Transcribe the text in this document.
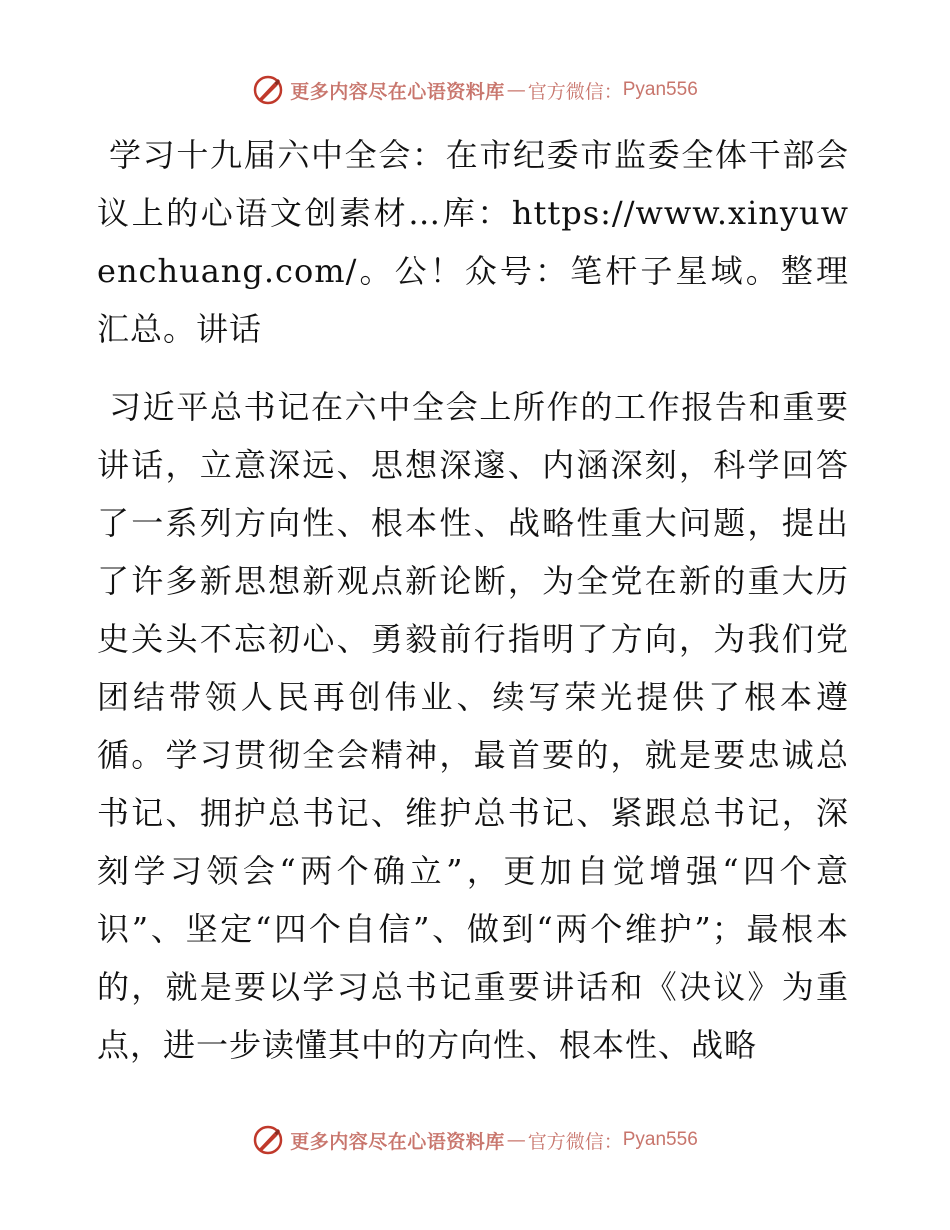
更多内容尽在心语资料库 — 官方微信： Pyan556

学习十九届六中全会：在市纪委市监委全体干部会议上的心语文创素材…库：https://www.xinyuwenchuang.com/。公！众号：笔杆子星域。整理汇总。讲话

习近平总书记在六中全会上所作的工作报告和重要讲话，立意深远、思想深邃、内涵深刻，科学回答了一系列方向性、根本性、战略性重大问题，提出了许多新思想新观点新论断，为全党在新的重大历史关头不忘初心、勇毅前行指明了方向，为我们党团结带领人民再创伟业、续写荣光提供了根本遵循。学习贯彻全会精神，最首要的，就是要忠诚总书记、拥护总书记、维护总书记、紧跟总书记，深刻学习领会“两个确立”，更加自觉增强“四个意识”、坚定“四个自信”、做到“两个维护”；最根本的，就是要以学习总书记重要讲话和《决议》为重点，进一步读懂其中的方向性、根本性、战略

更多内容尽在心语资料库 — 官方微信： Pyan556
